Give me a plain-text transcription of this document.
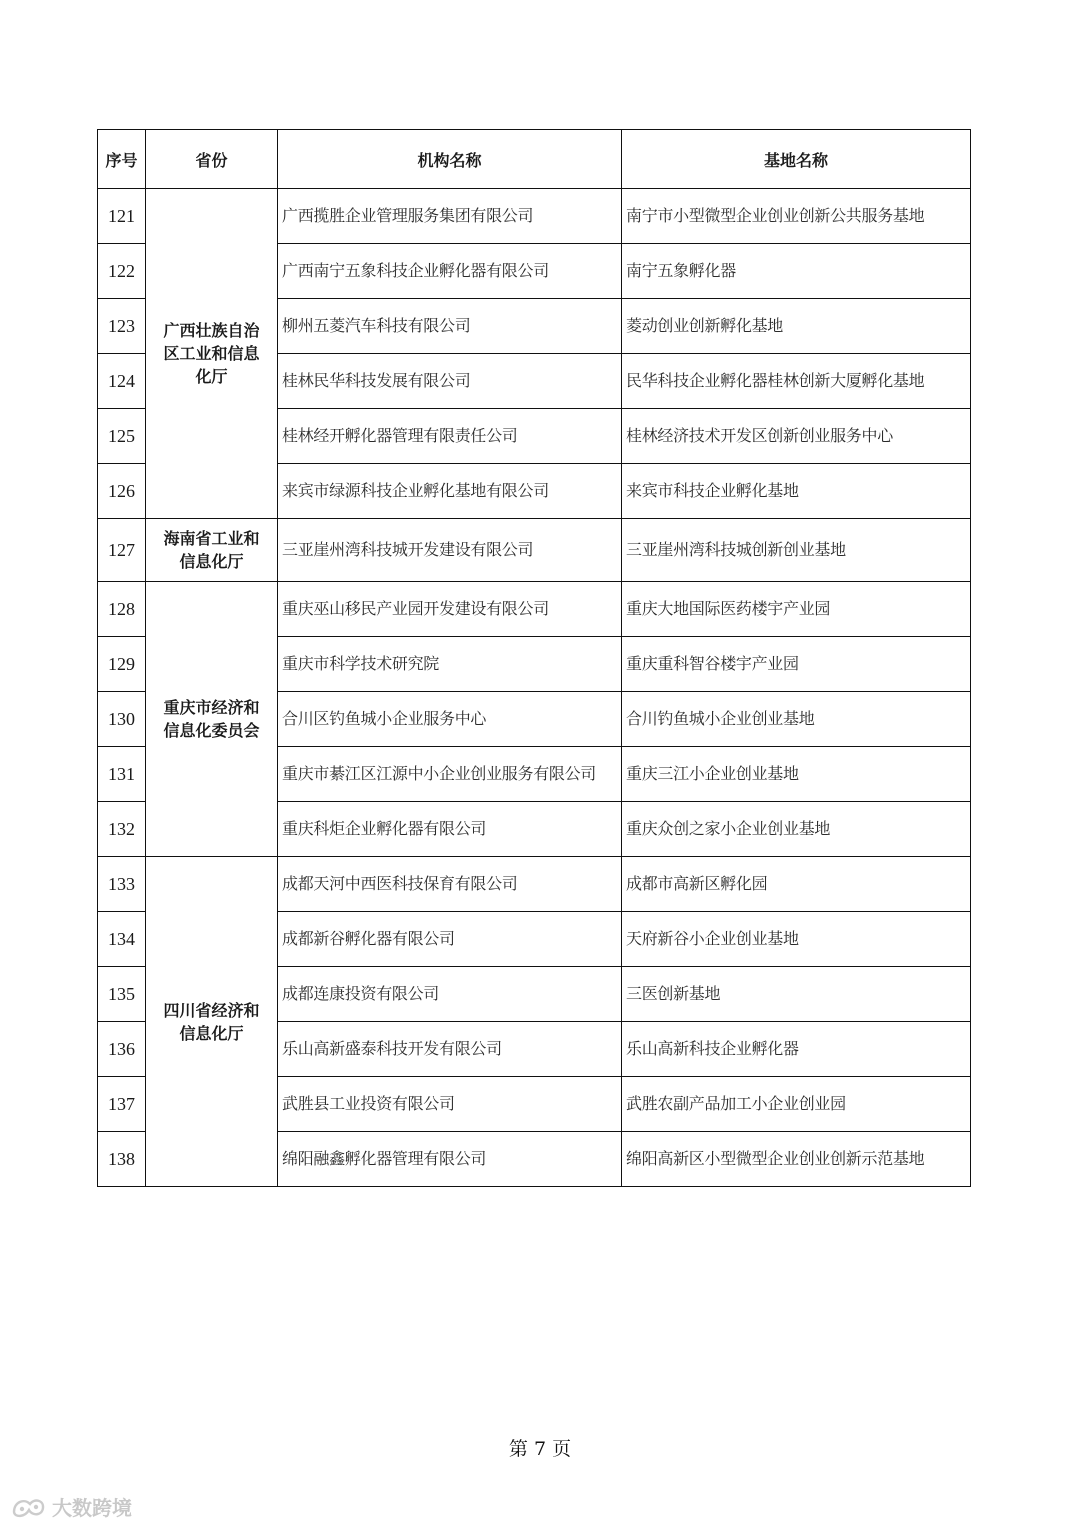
序号	省份	机构名称	基地名称
121	广西壮族自治区工业和信息化厅	广西揽胜企业管理服务集团有限公司	南宁市小型微型企业创业创新公共服务基地
122		广西南宁五象科技企业孵化器有限公司	南宁五象孵化器
123		柳州五菱汽车科技有限公司	菱动创业创新孵化基地
124		桂林民华科技发展有限公司	民华科技企业孵化器桂林创新大厦孵化基地
125		桂林经开孵化器管理有限责任公司	桂林经济技术开发区创新创业服务中心
126		来宾市绿源科技企业孵化基地有限公司	来宾市科技企业孵化基地
127	海南省工业和信息化厅	三亚崖州湾科技城开发建设有限公司	三亚崖州湾科技城创新创业基地
128	重庆市经济和信息化委员会	重庆巫山移民产业园开发建设有限公司	重庆大地国际医药楼宇产业园
129		重庆市科学技术研究院	重庆重科智谷楼宇产业园
130		合川区钓鱼城小企业服务中心	合川钓鱼城小企业创业基地
131		重庆市綦江区江源中小企业创业服务有限公司	重庆三江小企业创业基地
132		重庆科炬企业孵化器有限公司	重庆众创之家小企业创业基地
133	四川省经济和信息化厅	成都天河中西医科技保育有限公司	成都市高新区孵化园
134		成都新谷孵化器有限公司	天府新谷小企业创业基地
135		成都连康投资有限公司	三医创新基地
136		乐山高新盛泰科技开发有限公司	乐山高新科技企业孵化器
137		武胜县工业投资有限公司	武胜农副产品加工小企业创业园
138		绵阳融鑫孵化器管理有限公司	绵阳高新区小型微型企业创业创新示范基地
第 7 页
大数跨境
